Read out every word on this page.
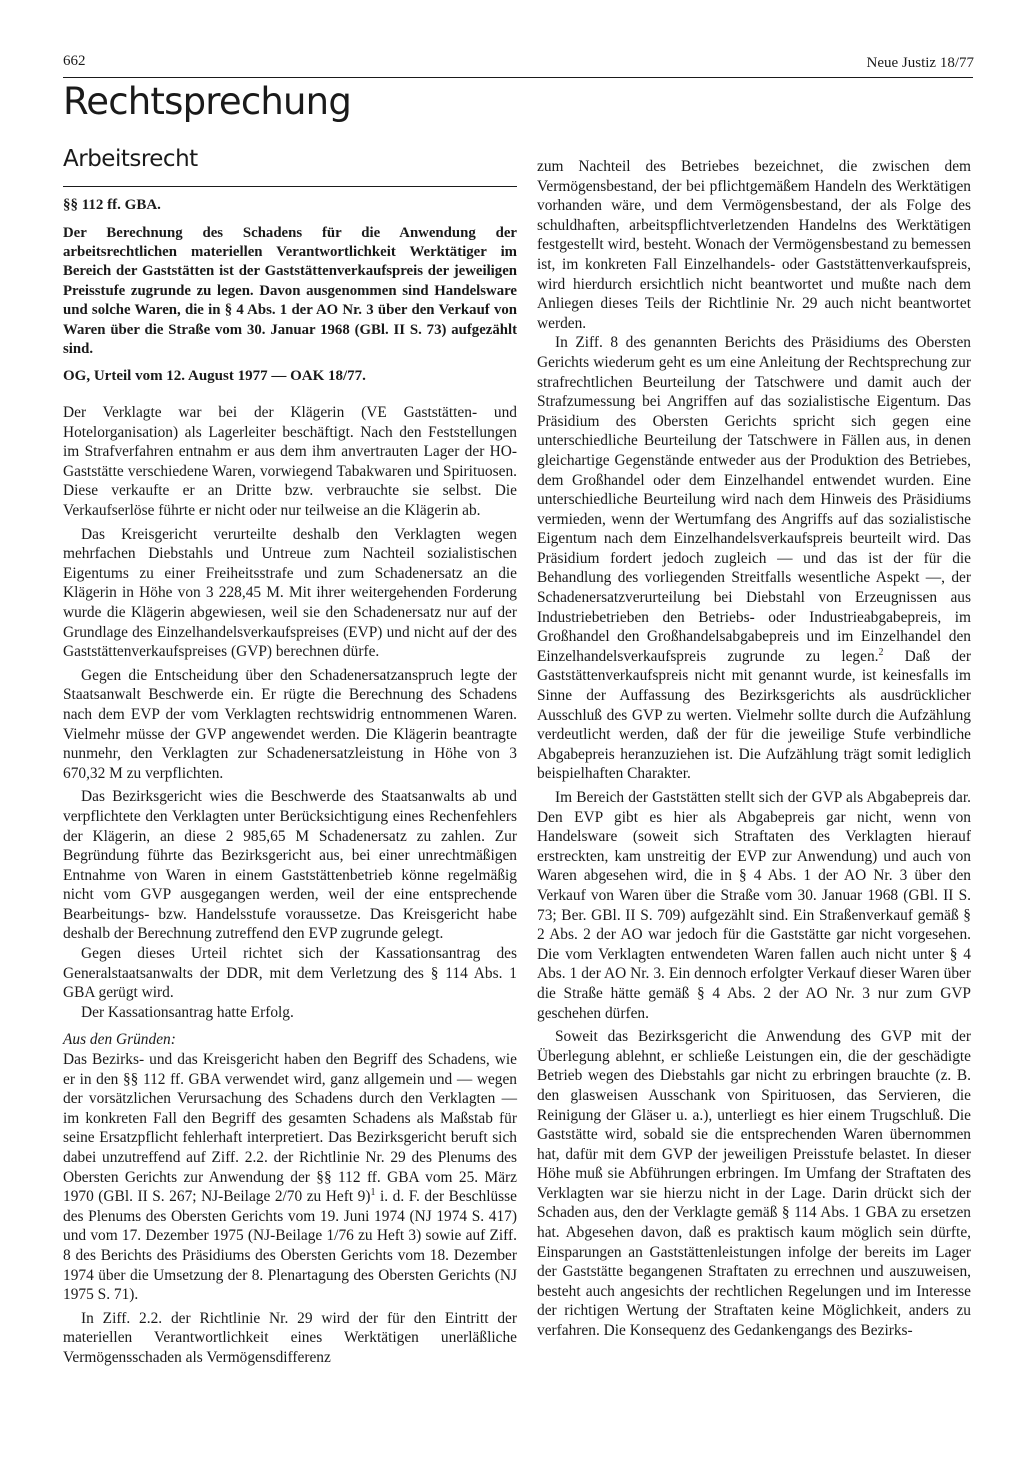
662	Neue Justiz 18/77
Rechtsprechung
Arbeitsrecht

§§ 112 ff. GBA.

Der Berechnung des Schadens für die Anwendung der arbeitsrechtlichen materiellen Verantwortlichkeit Werktätiger im Bereich der Gaststätten ist der Gaststättenverkaufspreis der jeweiligen Preisstufe zugrunde zu legen. Davon ausgenommen sind Handelsware und solche Waren, die in § 4 Abs. 1 der AO Nr. 3 über den Verkauf von Waren über die Straße vom 30. Januar 1968 (GBl. II S. 73) aufgezählt sind.

OG, Urteil vom 12. August 1977 — OAK 18/77.

Der Verklagte war bei der Klägerin (VE Gaststätten- und Hotelorganisation) als Lagerleiter beschäftigt. Nach den Feststellungen im Strafverfahren entnahm er aus dem ihm anvertrauten Lager der HO-Gaststätte verschiedene Waren, vorwiegend Tabakwaren und Spirituosen. Diese verkaufte er an Dritte bzw. verbrauchte sie selbst. Die Verkaufserlöse führte er nicht oder nur teilweise an die Klägerin ab.

Das Kreisgericht verurteilte deshalb den Verklagten wegen mehrfachen Diebstahls und Untreue zum Nachteil sozialistischen Eigentums zu einer Freiheitsstrafe und zum Schadenersatz an die Klägerin in Höhe von 3 228,45 M. Mit ihrer weitergehenden Forderung wurde die Klägerin abgewiesen, weil sie den Schadenersatz nur auf der Grundlage des Einzelhandelsverkaufspreises (EVP) und nicht auf der des Gaststättenverkaufspreises (GVP) berechnen dürfe.

Gegen die Entscheidung über den Schadenersatzanspruch legte der Staatsanwalt Beschwerde ein. Er rügte die Berechnung des Schadens nach dem EVP der vom Verklagten rechtswidrig entnommenen Waren. Vielmehr müsse der GVP angewendet werden. Die Klägerin beantragte nunmehr, den Verklagten zur Schadenersatzleistung in Höhe von 3 670,32 M zu verpflichten.

Das Bezirksgericht wies die Beschwerde des Staatsanwalts ab und verpflichtete den Verklagten unter Berücksichtigung eines Rechenfehlers der Klägerin, an diese 2 985,65 M Schadenersatz zu zahlen. Zur Begründung führte das Bezirksgericht aus, bei einer unrechtmäßigen Entnahme von Waren in einem Gaststättenbetrieb könne regelmäßig nicht vom GVP ausgegangen werden, weil der eine entsprechende Bearbeitungs- bzw. Handelsstufe voraussetze. Das Kreisgericht habe deshalb der Berechnung zutreffend den EVP zugrunde gelegt.

Gegen dieses Urteil richtet sich der Kassationsantrag des Generalstaatsanwalts der DDR, mit dem Verletzung des § 114 Abs. 1 GBA gerügt wird.

Der Kassationsantrag hatte Erfolg.

Aus den Gründen:

Das Bezirks- und das Kreisgericht haben den Begriff des Schadens, wie er in den §§ 112 ff. GBA verwendet wird, ganz allgemein und — wegen der vorsätzlichen Verursachung des Schadens durch den Verklagten — im konkreten Fall den Begriff des gesamten Schadens als Maßstab für seine Ersatzpflicht fehlerhaft interpretiert. Das Bezirksgericht beruft sich dabei unzutreffend auf Ziff. 2.2. der Richtlinie Nr. 29 des Plenums des Obersten Gerichts zur Anwendung der §§ 112 ff. GBA vom 25. März 1970 (GBl. II S. 267; NJ-Beilage 2/70 zu Heft 9)$^1$ i. d. F. der Beschlüsse des Plenums des Obersten Gerichts vom 19. Juni 1974 (NJ 1974 S. 417) und vom 17. Dezember 1975 (NJ-Beilage 1/76 zu Heft 3) sowie auf Ziff. 8 des Berichts des Präsidiums des Obersten Gerichts vom 18. Dezember 1974 über die Umsetzung der 8. Plenartagung des Obersten Gerichts (NJ 1975 S. 71).

In Ziff. 2.2. der Richtlinie Nr. 29 wird der für den Eintritt der materiellen Verantwortlichkeit eines Werktätigen unerläßliche Vermögensschaden als Vermögensdifferenz

zum Nachteil des Betriebes bezeichnet, die zwischen dem Vermögensbestand, der bei pflichtgemäßem Handeln des Werktätigen vorhanden wäre, und dem Vermögensbestand, der als Folge des schuldhaften, arbeitspflichtverletzenden Handelns des Werktätigen festgestellt wird, besteht. Wonach der Vermögensbestand zu bemessen ist, im konkreten Fall Einzelhandels- oder Gaststättenverkaufspreis, wird hierdurch ersichtlich nicht beantwortet und mußte nach dem Anliegen dieses Teils der Richtlinie Nr. 29 auch nicht beantwortet werden.

In Ziff. 8 des genannten Berichts des Präsidiums des Obersten Gerichts wiederum geht es um eine Anleitung der Rechtsprechung zur strafrechtlichen Beurteilung der Tatschwere und damit auch der Strafzumessung bei Angriffen auf das sozialistische Eigentum. Das Präsidium des Obersten Gerichts spricht sich gegen eine unterschiedliche Beurteilung der Tatschwere in Fällen aus, in denen gleichartige Gegenstände entweder aus der Produktion des Betriebes, dem Großhandel oder dem Einzelhandel entwendet wurden. Eine unterschiedliche Beurteilung wird nach dem Hinweis des Präsidiums vermieden, wenn der Wertumfang des Angriffs auf das sozialistische Eigentum nach dem Einzelhandelsverkaufspreis beurteilt wird. Das Präsidium fordert jedoch zugleich — und das ist der für die Behandlung des vorliegenden Streitfalls wesentliche Aspekt —, der Schadenersatzverurteilung bei Diebstahl von Erzeugnissen aus Industriebetrieben den Betriebs- oder Industrieabgabepreis, im Großhandel den Großhandelsabgabepreis und im Einzelhandel den Einzelhandelsverkaufspreis zugrunde zu legen.$^2$ Daß der Gaststättenverkaufspreis nicht mit genannt wurde, ist keinesfalls im Sinne der Auffassung des Bezirksgerichts als ausdrücklicher Ausschluß des GVP zu werten. Vielmehr sollte durch die Aufzählung verdeutlicht werden, daß der für die jeweilige Stufe verbindliche Abgabepreis heranzuziehen ist. Die Aufzählung trägt somit lediglich beispielhaften Charakter.

Im Bereich der Gaststätten stellt sich der GVP als Abgabepreis dar. Den EVP gibt es hier als Abgabepreis gar nicht, wenn von Handelsware (soweit sich Straftaten des Verklagten hierauf erstreckten, kam unstreitig der EVP zur Anwendung) und auch von Waren abgesehen wird, die in § 4 Abs. 1 der AO Nr. 3 über den Verkauf von Waren über die Straße vom 30. Januar 1968 (GBl. II S. 73; Ber. GBl. II S. 709) aufgezählt sind. Ein Straßenverkauf gemäß § 2 Abs. 2 der AO war jedoch für die Gaststätte gar nicht vorgesehen. Die vom Verklagten entwendeten Waren fallen auch nicht unter § 4 Abs. 1 der AO Nr. 3. Ein dennoch erfolgter Verkauf dieser Waren über die Straße hätte gemäß § 4 Abs. 2 der AO Nr. 3 nur zum GVP geschehen dürfen.

Soweit das Bezirksgericht die Anwendung des GVP mit der Überlegung ablehnt, er schließe Leistungen ein, die der geschädigte Betrieb wegen des Diebstahls gar nicht zu erbringen brauchte (z. B. den glasweisen Ausschank von Spirituosen, das Servieren, die Reinigung der Gläser u. a.), unterliegt es hier einem Trugschluß. Die Gaststätte wird, sobald sie die entsprechenden Waren übernommen hat, dafür mit dem GVP der jeweiligen Preisstufe belastet. In dieser Höhe muß sie Abführungen erbringen. Im Umfang der Straftaten des Verklagten war sie hierzu nicht in der Lage. Darin drückt sich der Schaden aus, den der Verklagte gemäß § 114 Abs. 1 GBA zu ersetzen hat. Abgesehen davon, daß es praktisch kaum möglich sein dürfte, Einsparungen an Gaststättenleistungen infolge der bereits im Lager der Gaststätte begangenen Straftaten zu errechnen und auszuweisen, besteht auch angesichts der rechtlichen Regelungen und im Interesse der richtigen Wertung der Straftaten keine Möglichkeit, anders zu verfahren. Die Konsequenz des Gedankengangs des Bezirks-
